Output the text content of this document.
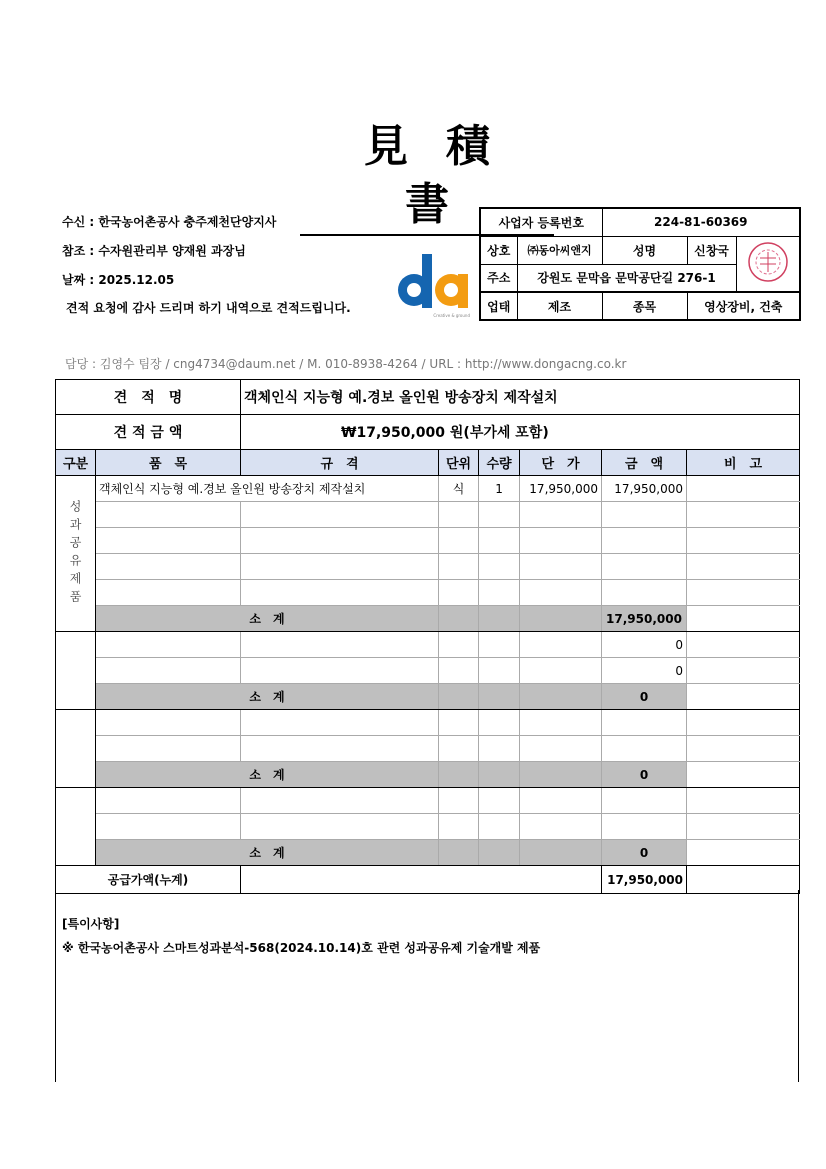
見積書
수신 : 한국농어촌공사 충주제천단양지사
참조 : 수자원관리부 양재원 과장님
날짜 : 2025.12.05
견적 요청에 감사 드리며 하기 내역으로 견적드립니다.
Creative & ground
사업자 등록번호		224-81-60369		
상호	㈜동아씨앤지	성명	신창국	
주소	강원도 문막읍 문막공단길 276-1			
업태	제조	종목	영상장비, 건축	
담당 : 김영수 팀장 / cng4734@daum.net / M. 010-8938-4264 / URL : http://www.dongacng.co.kr
견　적　명		객체인식 지능형 예.경보 올인원 방송장치 제작설치					
견 적 금 액		₩17,950,000 원(부가세 포함)					
구분	품　목	규　격	단위	수량	단　가	금　액	비　고
성과공유제품	객체인식 지능형 예.경보 올인원 방송장치 제작설치		식	1	17,950,000	17,950,000	

	소　계					17,950,000	
						0	
						0	
	소　계					0	

	소　계					0	

	소　계					0	
공급가액(누계)						17,950,000	
[특이사항]
※ 한국농어촌공사 스마트성과분석-568(2024.10.14)호 관련 성과공유제 기술개발 제품
